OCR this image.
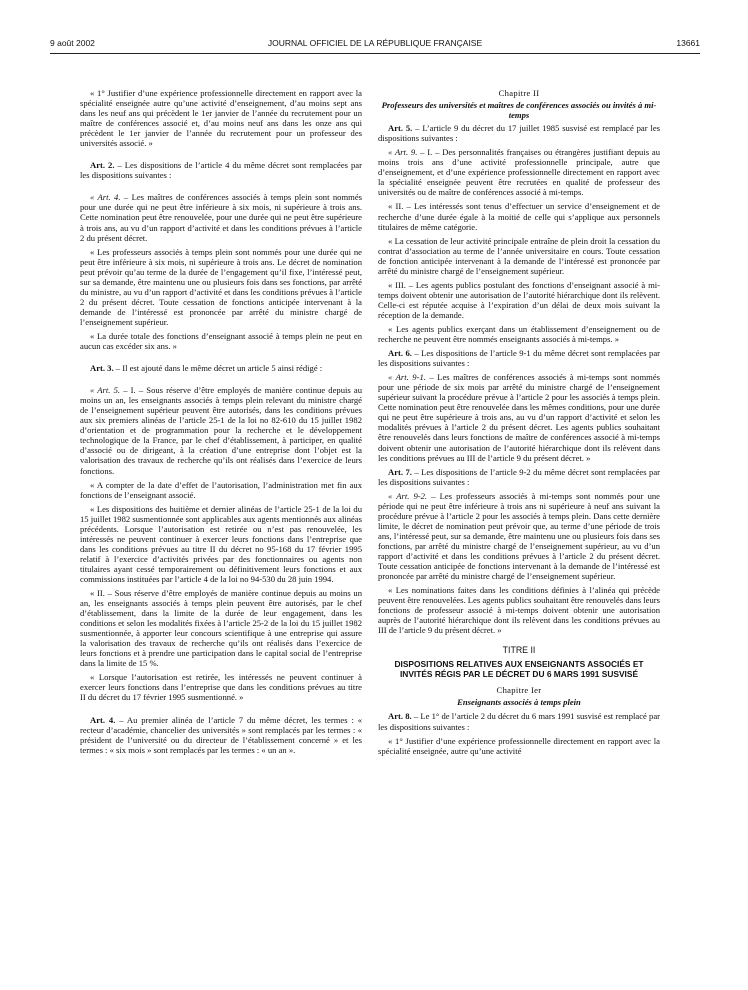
9 août 2002	JOURNAL OFFICIEL DE LA RÉPUBLIQUE FRANÇAISE	13661

« 1° Justifier d’une expérience professionnelle directement en rapport avec la spécialité enseignée autre qu’une activité d’enseignement, d’au moins sept ans dans les neuf ans qui précèdent le 1er janvier de l’année du recrutement pour un maître de conférences associé et, d’au moins neuf ans dans les onze ans qui précèdent le 1er janvier de l’année du recrutement pour un professeur des universités associé. »

Art. 2. – Les dispositions de l’article 4 du même décret sont remplacées par les dispositions suivantes :

« Art. 4. – Les maîtres de conférences associés à temps plein sont nommés pour une durée qui ne peut être inférieure à six mois, ni supérieure à trois ans. Cette nomination peut être renouvelée, pour une durée qui ne peut être supérieure à trois ans, au vu d’un rapport d’activité et dans les conditions prévues à l’article 2 du présent décret.

« Les professeurs associés à temps plein sont nommés pour une durée qui ne peut être inférieure à six mois, ni supérieure à trois ans. Le décret de nomination peut prévoir qu’au terme de la durée de l’engagement qu’il fixe, l’intéressé peut, sur sa demande, être maintenu une ou plusieurs fois dans ses fonctions, par arrêté du ministre, au vu d’un rapport d’activité et dans les conditions prévues à l’article 2 du présent décret. Toute cessation de fonctions anticipée intervenant à la demande de l’intéressé est prononcée par arrêté du ministre chargé de l’enseignement supérieur.

« La durée totale des fonctions d’enseignant associé à temps plein ne peut en aucun cas excéder six ans. »

Art. 3. – Il est ajouté dans le même décret un article 5 ainsi rédigé :

« Art. 5. – I. – Sous réserve d’être employés de manière continue depuis au moins un an, les enseignants associés à temps plein relevant du ministre chargé de l’enseignement supérieur peuvent être autorisés, dans les conditions prévues aux six premiers alinéas de l’article 25-1 de la loi no 82-610 du 15 juillet 1982 d’orientation et de programmation pour la recherche et le développement technologique de la France, par le chef d’établissement, à participer, en qualité d’associé ou de dirigeant, à la création d’une entreprise dont l’objet est la valorisation des travaux de recherche qu’ils ont réalisés dans l’exercice de leurs fonctions.

« A compter de la date d’effet de l’autorisation, l’administration met fin aux fonctions de l’enseignant associé.

« Les dispositions des huitième et dernier alinéas de l’article 25-1 de la loi du 15 juillet 1982 susmentionnée sont applicables aux agents mentionnés aux alinéas précédents. Lorsque l’autorisation est retirée ou n’est pas renouvelée, les intéressés ne peuvent continuer à exercer leurs fonctions dans l’entreprise que dans les conditions prévues au titre II du décret no 95-168 du 17 février 1995 relatif à l’exercice d’activités privées par des fonctionnaires ou agents non titulaires ayant cessé temporairement ou définitivement leurs fonctions et aux commissions instituées par l’article 4 de la loi no 94-530 du 28 juin 1994.

« II. – Sous réserve d’être employés de manière continue depuis au moins un an, les enseignants associés à temps plein peuvent être autorisés, par le chef d’établissement, dans la limite de la durée de leur engagement, dans les conditions et selon les modalités fixées à l’article 25-2 de la loi du 15 juillet 1982 susmentionnée, à apporter leur concours scientifique à une entreprise qui assure la valorisation des travaux de recherche qu’ils ont réalisés dans l’exercice de leurs fonctions et à prendre une participation dans le capital social de l’entreprise dans la limite de 15 %.

« Lorsque l’autorisation est retirée, les intéressés ne peuvent continuer à exercer leurs fonctions dans l’entreprise que dans les conditions prévues au titre II du décret du 17 février 1995 susmentionné. »

Art. 4. – Au premier alinéa de l’article 7 du même décret, les termes : « recteur d’académie, chancelier des universités » sont remplacés par les termes : « président de l’université ou du directeur de l’établissement concerné » et les termes : « six mois » sont remplacés par les termes : « un an ».

Chapitre II
Professeurs des universités et maîtres de conférences associés ou invités à mi-temps

Art. 5. – L’article 9 du décret du 17 juillet 1985 susvisé est remplacé par les dispositions suivantes :

« Art. 9. – I. – Des personnalités françaises ou étrangères justifiant depuis au moins trois ans d’une activité professionnelle principale, autre que d’enseignement, et d’une expérience professionnelle directement en rapport avec la spécialité enseignée peuvent être recrutées en qualité de professeur des universités ou de maître de conférences associé à mi-temps.

« II. – Les intéressés sont tenus d’effectuer un service d’enseignement et de recherche d’une durée égale à la moitié de celle qui s’applique aux personnels titulaires de même catégorie.

« La cessation de leur activité principale entraîne de plein droit la cessation du contrat d’association au terme de l’année universitaire en cours. Toute cessation de fonction anticipée intervenant à la demande de l’intéressé est prononcée par arrêté du ministre chargé de l’enseignement supérieur.

« III. – Les agents publics postulant des fonctions d’enseignant associé à mi-temps doivent obtenir une autorisation de l’autorité hiérarchique dont ils relèvent. Celle-ci est réputée acquise à l’expiration d’un délai de deux mois suivant la réception de la demande.

« Les agents publics exerçant dans un établissement d’enseignement ou de recherche ne peuvent être nommés enseignants associés à mi-temps. »

Art. 6. – Les dispositions de l’article 9-1 du même décret sont remplacées par les dispositions suivantes :

« Art. 9-1. – Les maîtres de conférences associés à mi-temps sont nommés pour une période de six mois par arrêté du ministre chargé de l’enseignement supérieur suivant la procédure prévue à l’article 2 pour les associés à temps plein. Cette nomination peut être renouvelée dans les mêmes conditions, pour une durée qui ne peut être supérieure à trois ans, au vu d’un rapport d’activité et selon les modalités prévues à l’article 2 du présent décret. Les agents publics souhaitant être renouvelés dans leurs fonctions de maître de conférences associé à mi-temps doivent obtenir une autorisation de l’autorité hiérarchique dont ils relèvent dans les conditions prévues au III de l’article 9 du présent décret. »

Art. 7. – Les dispositions de l’article 9-2 du même décret sont remplacées par les dispositions suivantes :

« Art. 9-2. – Les professeurs associés à mi-temps sont nommés pour une période qui ne peut être inférieure à trois ans ni supérieure à neuf ans suivant la procédure prévue à l’article 2 pour les associés à temps plein. Dans cette dernière limite, le décret de nomination peut prévoir que, au terme d’une période de trois ans, l’intéressé peut, sur sa demande, être maintenu une ou plusieurs fois dans ses fonctions, par arrêté du ministre chargé de l’enseignement supérieur, au vu d’un rapport d’activité et dans les conditions prévues à l’article 2 du présent décret. Toute cessation anticipée de fonctions intervenant à la demande de l’intéressé est prononcée par arrêté du ministre chargé de l’enseignement supérieur.

« Les nominations faites dans les conditions définies à l’alinéa qui précède peuvent être renouvelées. Les agents publics souhaitant être renouvelés dans leurs fonctions de professeur associé à mi-temps doivent obtenir une autorisation auprès de l’autorité hiérarchique dont ils relèvent dans les conditions prévues au III de l’article 9 du présent décret. »

TITRE II
DISPOSITIONS RELATIVES AUX ENSEIGNANTS ASSOCIÉS ET INVITÉS RÉGIS PAR LE DÉCRET DU 6 MARS 1991 SUSVISÉ
Chapitre Ier
Enseignants associés à temps plein

Art. 8. – Le 1° de l’article 2 du décret du 6 mars 1991 susvisé est remplacé par les dispositions suivantes :

« 1° Justifier d’une expérience professionnelle directement en rapport avec la spécialité enseignée, autre qu’une activité
